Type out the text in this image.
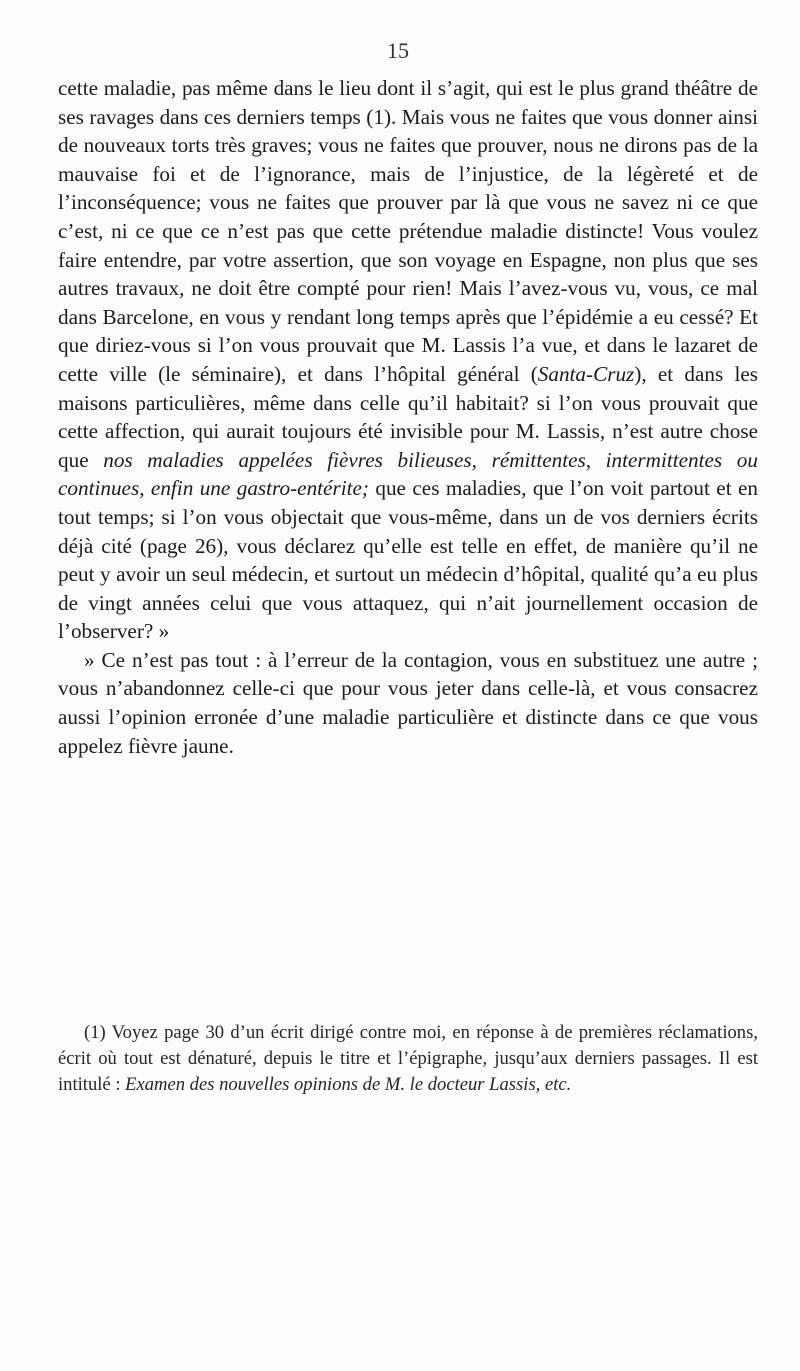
15

cette maladie, pas même dans le lieu dont il s’agit, qui est le plus grand théâtre de ses ravages dans ces derniers temps (1). Mais vous ne faites que vous donner ainsi de nouveaux torts très graves; vous ne faites que prouver, nous ne dirons pas de la mauvaise foi et de l’ignorance, mais de l’injustice, de la légèreté et de l’inconséquence; vous ne faites que prouver par là que vous ne savez ni ce que c’est, ni ce que ce n’est pas que cette prétendue maladie distincte! Vous voulez faire entendre, par votre assertion, que son voyage en Espagne, non plus que ses autres travaux, ne doit être compté pour rien! Mais l’avez-vous vu, vous, ce mal dans Barcelone, en vous y rendant long temps après que l’épidémie a eu cessé? Et que diriez-vous si l’on vous prouvait que M. Lassis l’a vue, et dans le lazaret de cette ville (le séminaire), et dans l’hôpital général (Santa-Cruz), et dans les maisons particulières, même dans celle qu’il habitait? si l’on vous prouvait que cette affection, qui aurait toujours été invisible pour M. Lassis, n’est autre chose que nos maladies appelées fièvres bilieuses, rémittentes, intermittentes ou continues, enfin une gastro-entérite; que ces maladies, que l’on voit partout et en tout temps; si l’on vous objectait que vous-même, dans un de vos derniers écrits déjà cité (page 26), vous déclarez qu’elle est telle en effet, de manière qu’il ne peut y avoir un seul médecin, et surtout un médecin d’hôpital, qualité qu’a eu plus de vingt années celui que vous attaquez, qui n’ait journellement occasion de l’observer? »

» Ce n’est pas tout : à l’erreur de la contagion, vous en substituez une autre ; vous n’abandonnez celle-ci que pour vous jeter dans celle-là, et vous consacrez aussi l’opinion erronée d’une maladie particulière et distincte dans ce que vous appelez fièvre jaune.

(1) Voyez page 30 d’un écrit dirigé contre moi, en réponse à de premières réclamations, écrit où tout est dénaturé, depuis le titre et l’épigraphe, jusqu’aux derniers passages. Il est intitulé : Examen des nouvelles opinions de M. le docteur Lassis, etc.
